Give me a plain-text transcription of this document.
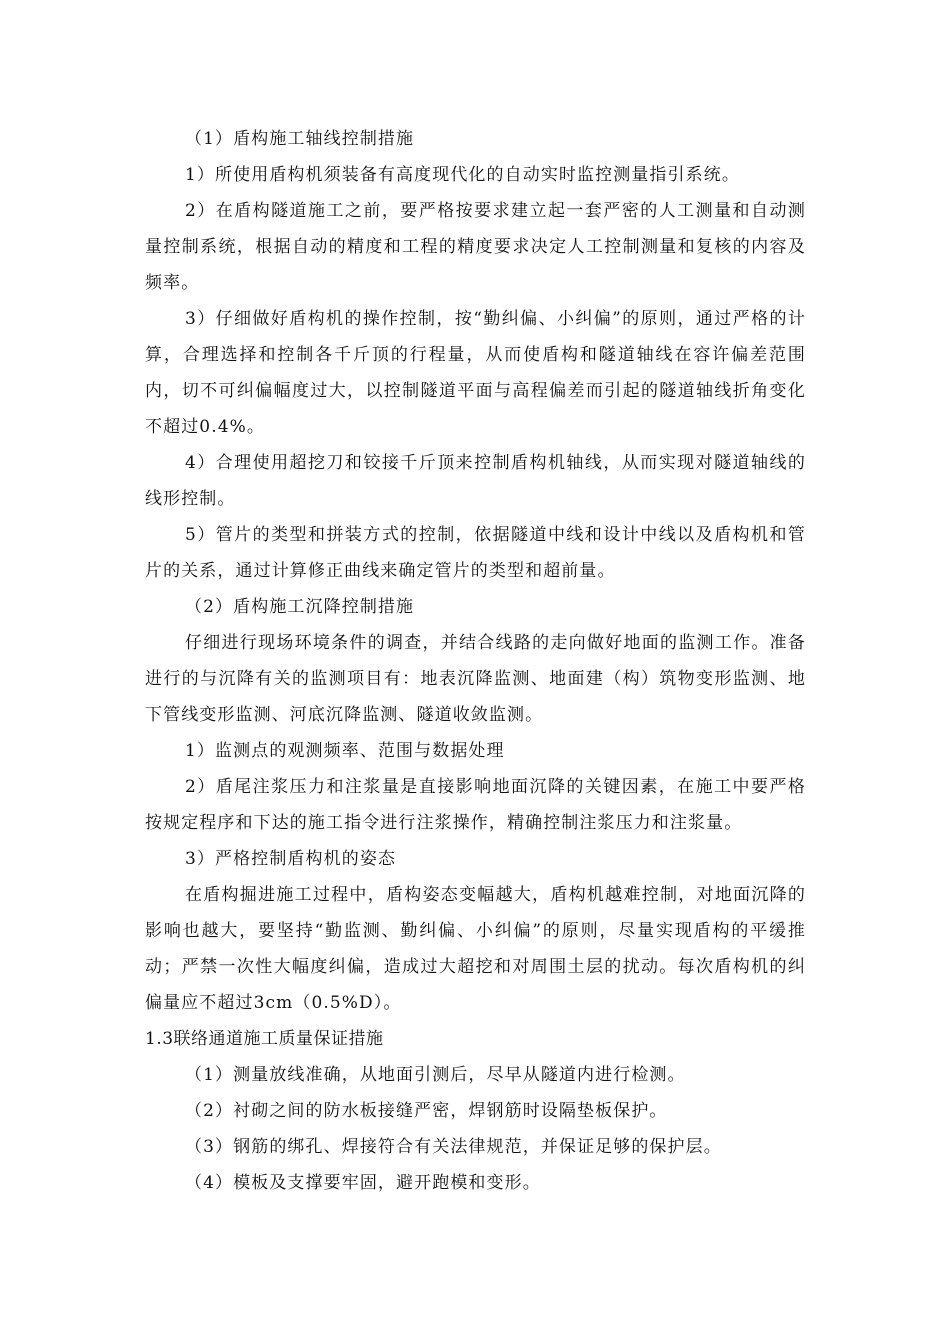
（1）盾构施工轴线控制措施

1）所使用盾构机须装备有高度现代化的自动实时监控测量指引系统。

2）在盾构隧道施工之前，要严格按要求建立起一套严密的人工测量和自动测量控制系统，根据自动的精度和工程的精度要求决定人工控制测量和复核的内容及频率。

3）仔细做好盾构机的操作控制，按“勤纠偏、小纠偏”的原则，通过严格的计算，合理选择和控制各千斤顶的行程量，从而使盾构和隧道轴线在容许偏差范围内，切不可纠偏幅度过大，以控制隧道平面与高程偏差而引起的隧道轴线折角变化不超过0.4%。

4）合理使用超挖刀和铰接千斤顶来控制盾构机轴线，从而实现对隧道轴线的线形控制。

5）管片的类型和拼装方式的控制，依据隧道中线和设计中线以及盾构机和管片的关系，通过计算修正曲线来确定管片的类型和超前量。

（2）盾构施工沉降控制措施

仔细进行现场环境条件的调查，并结合线路的走向做好地面的监测工作。准备进行的与沉降有关的监测项目有：地表沉降监测、地面建（构）筑物变形监测、地下管线变形监测、河底沉降监测、隧道收敛监测。

1）监测点的观测频率、范围与数据处理

2）盾尾注浆压力和注浆量是直接影响地面沉降的关键因素，在施工中要严格按规定程序和下达的施工指令进行注浆操作，精确控制注浆压力和注浆量。

3）严格控制盾构机的姿态

在盾构掘进施工过程中，盾构姿态变幅越大，盾构机越难控制，对地面沉降的影响也越大，要坚持“勤监测、勤纠偏、小纠偏”的原则，尽量实现盾构的平缓推动；严禁一次性大幅度纠偏，造成过大超挖和对周围土层的扰动。每次盾构机的纠偏量应不超过3cm（0.5%D）。

1.3联络通道施工质量保证措施

（1）测量放线准确，从地面引测后，尽早从隧道内进行检测。

（2）衬砌之间的防水板接缝严密，焊钢筋时设隔垫板保护。

（3）钢筋的绑孔、焊接符合有关法律规范，并保证足够的保护层。

（4）模板及支撑要牢固，避开跑模和变形。
